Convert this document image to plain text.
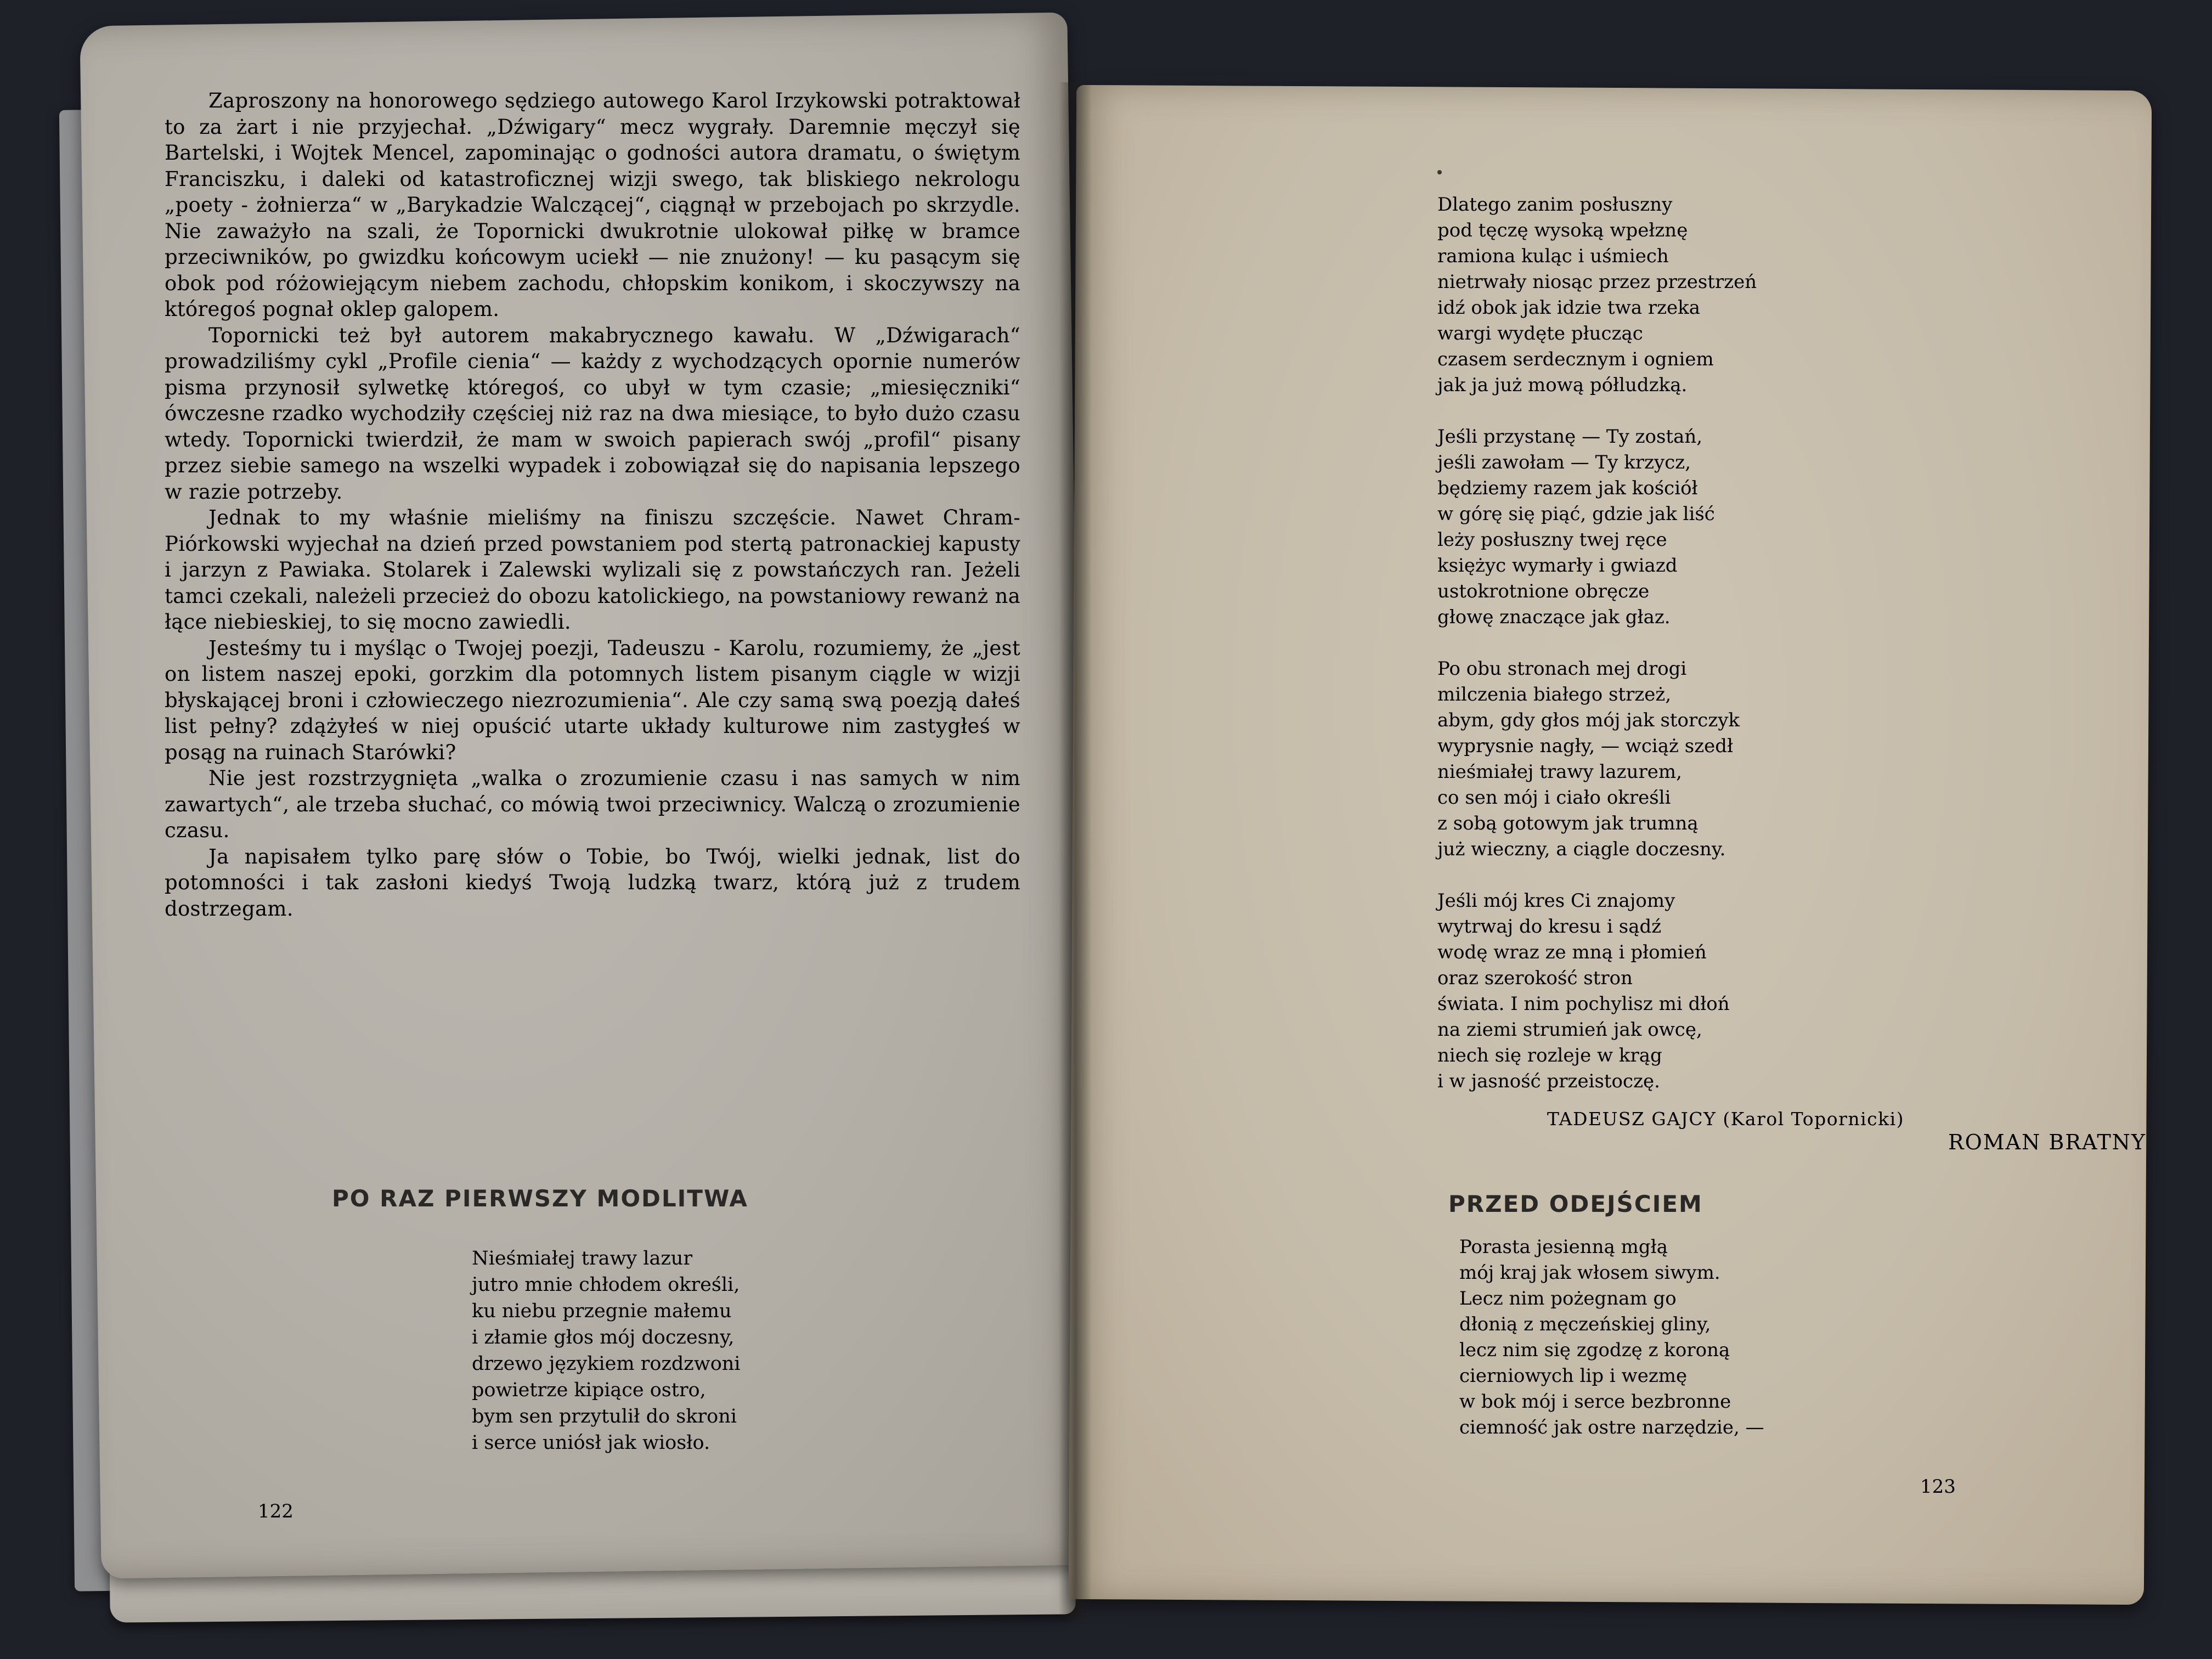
Zaproszony na honorowego sędziego autowego Karol Irzykowski potraktował to za żart i nie przyjechał. „Dźwigary“ mecz wygrały. Daremnie męczył się Bartelski, i Wojtek Mencel, zapominając o godności autora dramatu, o świętym Franciszku, i daleki od katastroficznej wizji swego, tak bliskiego nekrologu „poety - żołnierza“ w „Barykadzie Walczącej“, ciągnął w przebojach po skrzydle. Nie zaważyło na szali, że Topornicki dwukrotnie ulokował piłkę w bramce przeciwników, po gwizdku końcowym uciekł — nie znużony! — ku pasącym się obok pod różowiejącym niebem zachodu, chłopskim konikom, i skoczywszy na któregoś pognał oklep galopem.

Topornicki też był autorem makabrycznego kawału. W „Dźwigarach“ prowadziliśmy cykl „Profile cienia“ — każdy z wychodzących opornie numerów pisma przynosił sylwetkę któregoś, co ubył w tym czasie; „miesięczniki“ ówczesne rzadko wychodziły częściej niż raz na dwa miesiące, to było dużo czasu wtedy. Topornicki twierdził, że mam w swoich papierach swój „profil“ pisany przez siebie samego na wszelki wypadek i zobowiązał się do napisania lepszego w razie potrzeby.

Jednak to my właśnie mieliśmy na finiszu szczęście. Nawet Chram-Piórkowski wyjechał na dzień przed powstaniem pod stertą patronackiej kapusty i jarzyn z Pawiaka. Stolarek i Zalewski wylizali się z powstańczych ran. Jeżeli tamci czekali, należeli przecież do obozu katolickiego, na powstaniowy rewanż na łące niebieskiej, to się mocno zawiedli.

Jesteśmy tu i myśląc o Twojej poezji, Tadeuszu - Karolu, rozumiemy, że „jest on listem naszej epoki, gorzkim dla potomnych listem pisanym ciągle w wizji błyskającej broni i człowieczego niezrozumienia“. Ale czy samą swą poezją dałeś list pełny? zdążyłeś w niej opuścić utarte układy kulturowe nim zastygłeś w posąg na ruinach Starówki?

Nie jest rozstrzygnięta „walka o zrozumienie czasu i nas samych w nim zawartych“, ale trzeba słuchać, co mówią twoi przeciwnicy. Walczą o zrozumienie czasu.

Ja napisałem tylko parę słów o Tobie, bo Twój, wielki jednak, list do potomności i tak zasłoni kiedyś Twoją ludzką twarz, którą już z trudem dostrzegam.

ROMAN BRATNY
PO RAZ PIERWSZY MODLITWA
Nieśmiałej trawy lazur
jutro mnie chłodem określi,
ku niebu przegnie małemu
i złamie głos mój doczesny,
drzewo językiem rozdzwoni
powietrze kipiące ostro,
bym sen przytulił do skroni
i serce uniósł jak wiosło.
122
Dlatego zanim posłuszny
pod tęczę wysoką wpełznę
ramiona kuląc i uśmiech
nietrwały niosąc przez przestrzeń
idź obok jak idzie twa rzeka
wargi wydęte płucząc
czasem serdecznym i ogniem
jak ja już mową półludzką.
Jeśli przystanę — Ty zostań,
jeśli zawołam — Ty krzycz,
będziemy razem jak kościół
w górę się piąć, gdzie jak liść
leży posłuszny twej ręce
księżyc wymarły i gwiazd
ustokrotnione obręcze
głowę znaczące jak głaz.
Po obu stronach mej drogi
milczenia białego strzeż,
abym, gdy głos mój jak storczyk
wyprysnie nagły, — wciąż szedł
nieśmiałej trawy lazurem,
co sen mój i ciało określi
z sobą gotowym jak trumną
już wieczny, a ciągle doczesny.
Jeśli mój kres Ci znajomy
wytrwaj do kresu i sądź
wodę wraz ze mną i płomień
oraz szerokość stron
świata. I nim pochylisz mi dłoń
na ziemi strumień jak owcę,
niech się rozleje w krąg
i w jasność przeistoczę.
TADEUSZ GAJCY (Karol Topornicki)
PRZED ODEJŚCIEM
Porasta jesienną mgłą
mój kraj jak włosem siwym.
Lecz nim pożegnam go
dłonią z męczeńskiej gliny,
lecz nim się zgodzę z koroną
cierniowych lip i wezmę
w bok mój i serce bezbronne
ciemność jak ostre narzędzie, —
123
